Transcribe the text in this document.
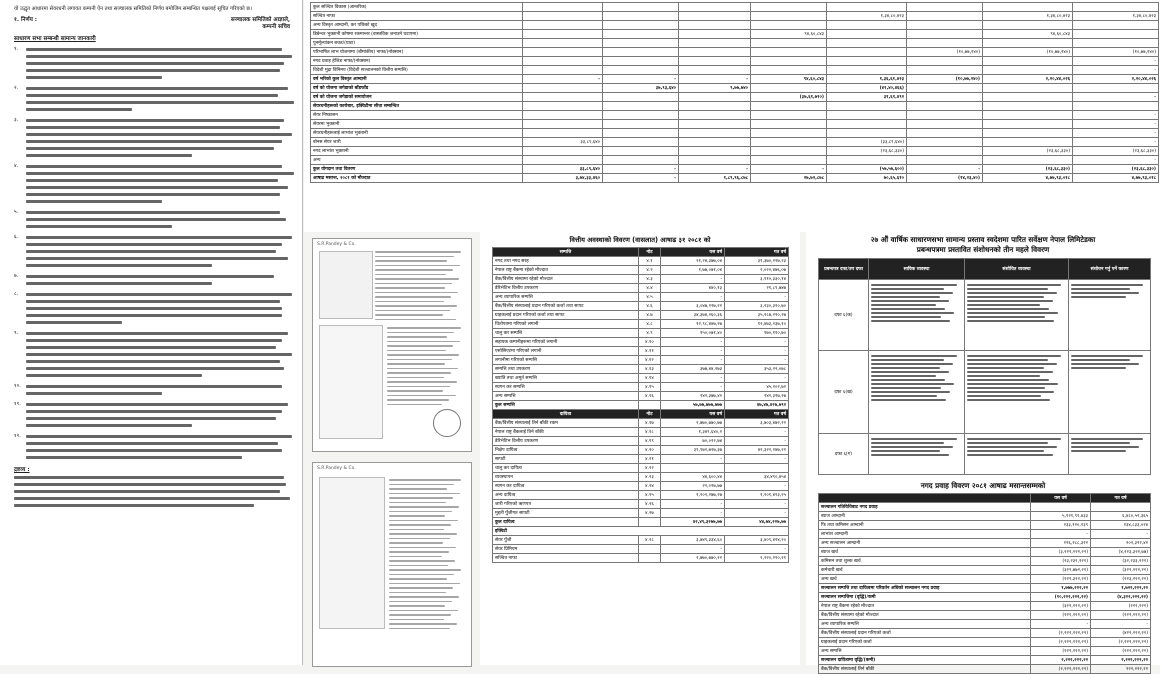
यो उद्धृत आधारमा सेयरधनी लगायत कम्पनी ऐन तथा सञ्चालक समितिको निर्णय बमोजिम सम्बन्धित पक्षलाई सूचित गरिएको छ।
१. निर्णय :	सञ्चालक समितिको आज्ञाले,
कम्पनी सचिव
साधारण सभा सम्बन्धी सामान्य जानकारी
१.
२.
३.
४.
५.
६.
७.
८.
९.
१०.
११.
१२.
द्रष्टव्य :
कुल सञ्चित विकास (आन्तरिक)								
सञ्चित नाफा					१,३४,८०,४२३		१,३४,८०,४२३	१,३४,८०,४२३
अन्य विस्तृत आम्दानी, कर पछिको खुद								
डिबेन्चर भुक्तानी कोषमा रकमान्तर (वास्तविक जनाउने घटाएमा)				९४,६०,८४३			९४,६०,८४३	
पुनर्मूल्यांकन बचत/(घाटा)								
परिभाषित लाभ योजनामा (बीमांकीय) नाफा/(नोक्सान)						(१०,७७,२४०)	(१०,७७,२४०)	(१०,७७,२४०)
नगद प्रवाह हेजिङ नाफा/(नोक्सान)								-
विदेशी मुद्रा विनिमय (विदेशी सञ्चालनको वित्तीय सम्पत्ति)								-
वर्ष भरिको कुल विस्तृत आम्दानी	-	-	-	९४,६०,८४३	१,३६,६१,४२३	(१०,७७,२४०)	२,२०,४४,०२६	२,२०,४४,०२६
वर्ष को योजना जगेडाको बाँडफाँड		३७,९३,६४०	९,७७,७४०		(४१,४०,४६६)			
वर्ष को योजना जगेडाको समायोजन				(३७,६१,७१०)	३१,६१,४९२			-
सेयरधनीहरूको कारोबार, इक्विटीमा सीधा सम्बन्धित								
सेयर निष्कासन								-
सेयरमा भुक्तानी								-
सेयरधनीहरूलाई लाभांश भुक्तानी								-
बोनस सेयर जारी	३३,८९,६४०				(३३,८९,६४०)			-
नगद लाभांश भुक्तानी					(२३,६८,३३०)		(२३,६८,३३०)	(२३,६८,३३०)
अन्य								-
कुल योगदान तथा वितरण	३३,८९,६४०	-	-	-	(५७,५७,६००)	-	(२३,६८,३३०)	(२३,६८,३३०)
आषाढ मसान्त, २०८१ को मौज्दात	३,७४,३३,४६०	-	१,८९,९६,८७८	२७,७२,८७८	७०,६५,६१०	(१४,२३,४०)	४,७७,९३,०१८	४,७७,९३,०१८
S.R.Pandey & Co.
S.R.Pandey & Co.
वित्तीय अवस्थाको विवरण (वासलात) आषाढ ३१ २०८१ को
सम्पत्ति	नोट	यस वर्ष	गत वर्ष
नगद तथा नगद सरह	४.१	२१,२४,३७७,०४	३१,३७०,२२७,२३
नेपाल राष्ट्र बैंकमा रहेको मौज्दात	४.२	१,७७,०७१,०४	२,०२०,४७६,०७
बैंक/वित्तीय संस्थामा रहेको मौज्दात	४.३	-	३,११०,३३०,१४
डेरिभेटिभ वित्तीय उपकरण	४.४	४४०,१३	२१,८९,७४७
अन्य व्यापारिक सम्पत्ति	४.५	-	-
बैंक/वित्तीय संस्थालाई प्रदान गरिएको कर्जा तथा सापट	४.६	३,०४७,२२७,२२	३,२३०,३२०,७०
ग्राहकलाई प्रदान गरिएको कर्जा तथा सापट	४.७	३४,३७४,२६०,३६	३५,२८७,२२०,२७
धितोपत्रमा गरिएको लगानी	४.८	१२,९८,४४७,२७	१२,४७३,२३७,१०
चालु कर सम्पत्ति	४.९	१५०,०७१,४०	१७०,११०,७०
सहायक कम्पनीहरूमा गरिएको लगानी	४.१०	-	-
एसोसिएटमा गरिएको लगानी	४.११	-	-
लगानीमा गरिएको सम्पत्ति	४.१२	-	-
सम्पत्ति तथा उपकरण	४.१३	३७७,४४,२७३	३५३,२२,०७८
ख्याति तथा अमूर्त सम्पत्ति	४.१४	-	-
स्थगन कर सम्पत्ति	४.१५	-	४५,२०२,७२
अन्य सम्पत्ति	४.१६	२४२,३७७,४२	२४२,३२७,२७
कुल सम्पत्ति		५७,७७,७७७,७७७	४७,४७,४२७,७९२
दायित्व	नोट	यस वर्ष	गत वर्ष
बैंक/वित्तीय संस्थालाई तिर्न बाँकी रकम	४.१७	२,७७०,७७०,७७	३,७०३,४७२,२२
नेपाल राष्ट्र बैंकलाई तिर्न बाँकी	४.१८	१,३४९,६४०,२	-
डेरिभेटिभ वित्तीय उपकरण	४.१९	७०,०२२,७४	-
निक्षेप दायित्व	४.२०	३९,९७२,७२७,३७	४२,३२२,२४७,२२
सापटी	४.२१	-	-
चालु कर दायित्व	४.२२		
व्यवस्थापन	४.२३	४४,६००,४४	३४,४९०,४५४
स्थगन कर दायित्व	४.२४	२२,०२७,७७	-
अन्य दायित्व	४.२५	१,२०२,२७७,२७	१,२०१,४२३,२५
जारी गरिएको ऋणपत्र	४.२६	-	-
मुद्दती पुँजीगत सापटी	४.२७	-	-
कुल दायित्व		४२,४९,३२७७,७७	४४,७४,२२७,७७
इक्विटी			
सेयर पुँजी	४.२८	३,७४९,३३४,६०	३,४०९,४२४,२०
सेयर प्रिमियम		-	-
सञ्चित नाफा		२,७७०,७७०,२२	२,२२०,२२०,२१
२७ औं वार्षिक साधारणसभा सामान्य प्रस्ताव स्वदेशमा पारित सर्वेक्षण नेपाल लिमिटेडका
प्रबन्धपत्रमा प्रस्तावित संशोधनको तीन महले विवरण
प्रबन्धपत्र दफा/उप दफा	साविक व्यवस्था	संशोधित व्यवस्था	संशोधन गर्नु पर्ने कारण
दफा ६(क)	

दफा ६(ख)	

दफा ६(ग)	

नगद प्रवाह विवरण २०८१ आषाढ मसान्तसम्मको
	यस वर्ष	गत वर्ष
सञ्चालन गतिविधिबाट नगद प्रवाह		
ब्याज आम्दानी	५,१२१,९२,४३३	६,४८०,५२,३६५
फि तथा कमिसन आम्दानी	२३३,१२०,२३९	२३४,८३३,०२४
लाभांश आम्दानी	-	-
अन्य सञ्चालन आम्दानी	२२६,२८८,३२२	२०२,३२२,४२
ब्याज खर्च	(३,२२१,२२२,२२)	(४,२२३,३२२,७७)
कमिसन तथा शुल्क खर्च	(२३,२३२,२२२)	(३२,२३३,२२२)
कर्मचारी खर्च	(३२२,७७२,२२)	(३२२,२२२,२२)
अन्य खर्च	(२२२,३२२,२२)	(२२३,२२२,२२)
सञ्चालन सम्पत्ति तथा दायित्वमा परिवर्तन अघिको सञ्चालन नगद प्रवाह	१,७७७,२२२,२२	१,७२२,२२२,२२
सञ्चालन सम्पत्तिमा (वृद्धि)/कमी	(१०,२२२,२२२,२२)	(४,३२२,२२२,२२)
नेपाल राष्ट्र बैंकमा रहेको मौज्दात	(३२२,२२२,२२)	(२२२,२२२)
बैंक/वित्तीय संस्थामा रहेको मौज्दात	(२२२,२२२,२२)	(२२२,२२२,२२)
अन्य व्यापारिक सम्पत्ति	-	-
बैंक/वित्तीय संस्थालाई प्रदान गरिएको कर्जा	(२,२२२,२२२,२२)	(४२२,२२२,२२)
ग्राहकलाई प्रदान गरिएको कर्जा	(२,२२२,२२२,२२)	(२,२२२,२२२,२२)
अन्य सम्पत्ति	(२२२,२२२,२२)	(२२२,२२२,२२)
सञ्चालन दायित्वमा वृद्धि/(कमी)	२,२२२,२२२,२२	२,२२२,२२२,२२
बैंक/वित्तीय संस्थालाई तिर्न बाँकी	(२,२२२,२२२,२२)	२२२,२२२,२२
